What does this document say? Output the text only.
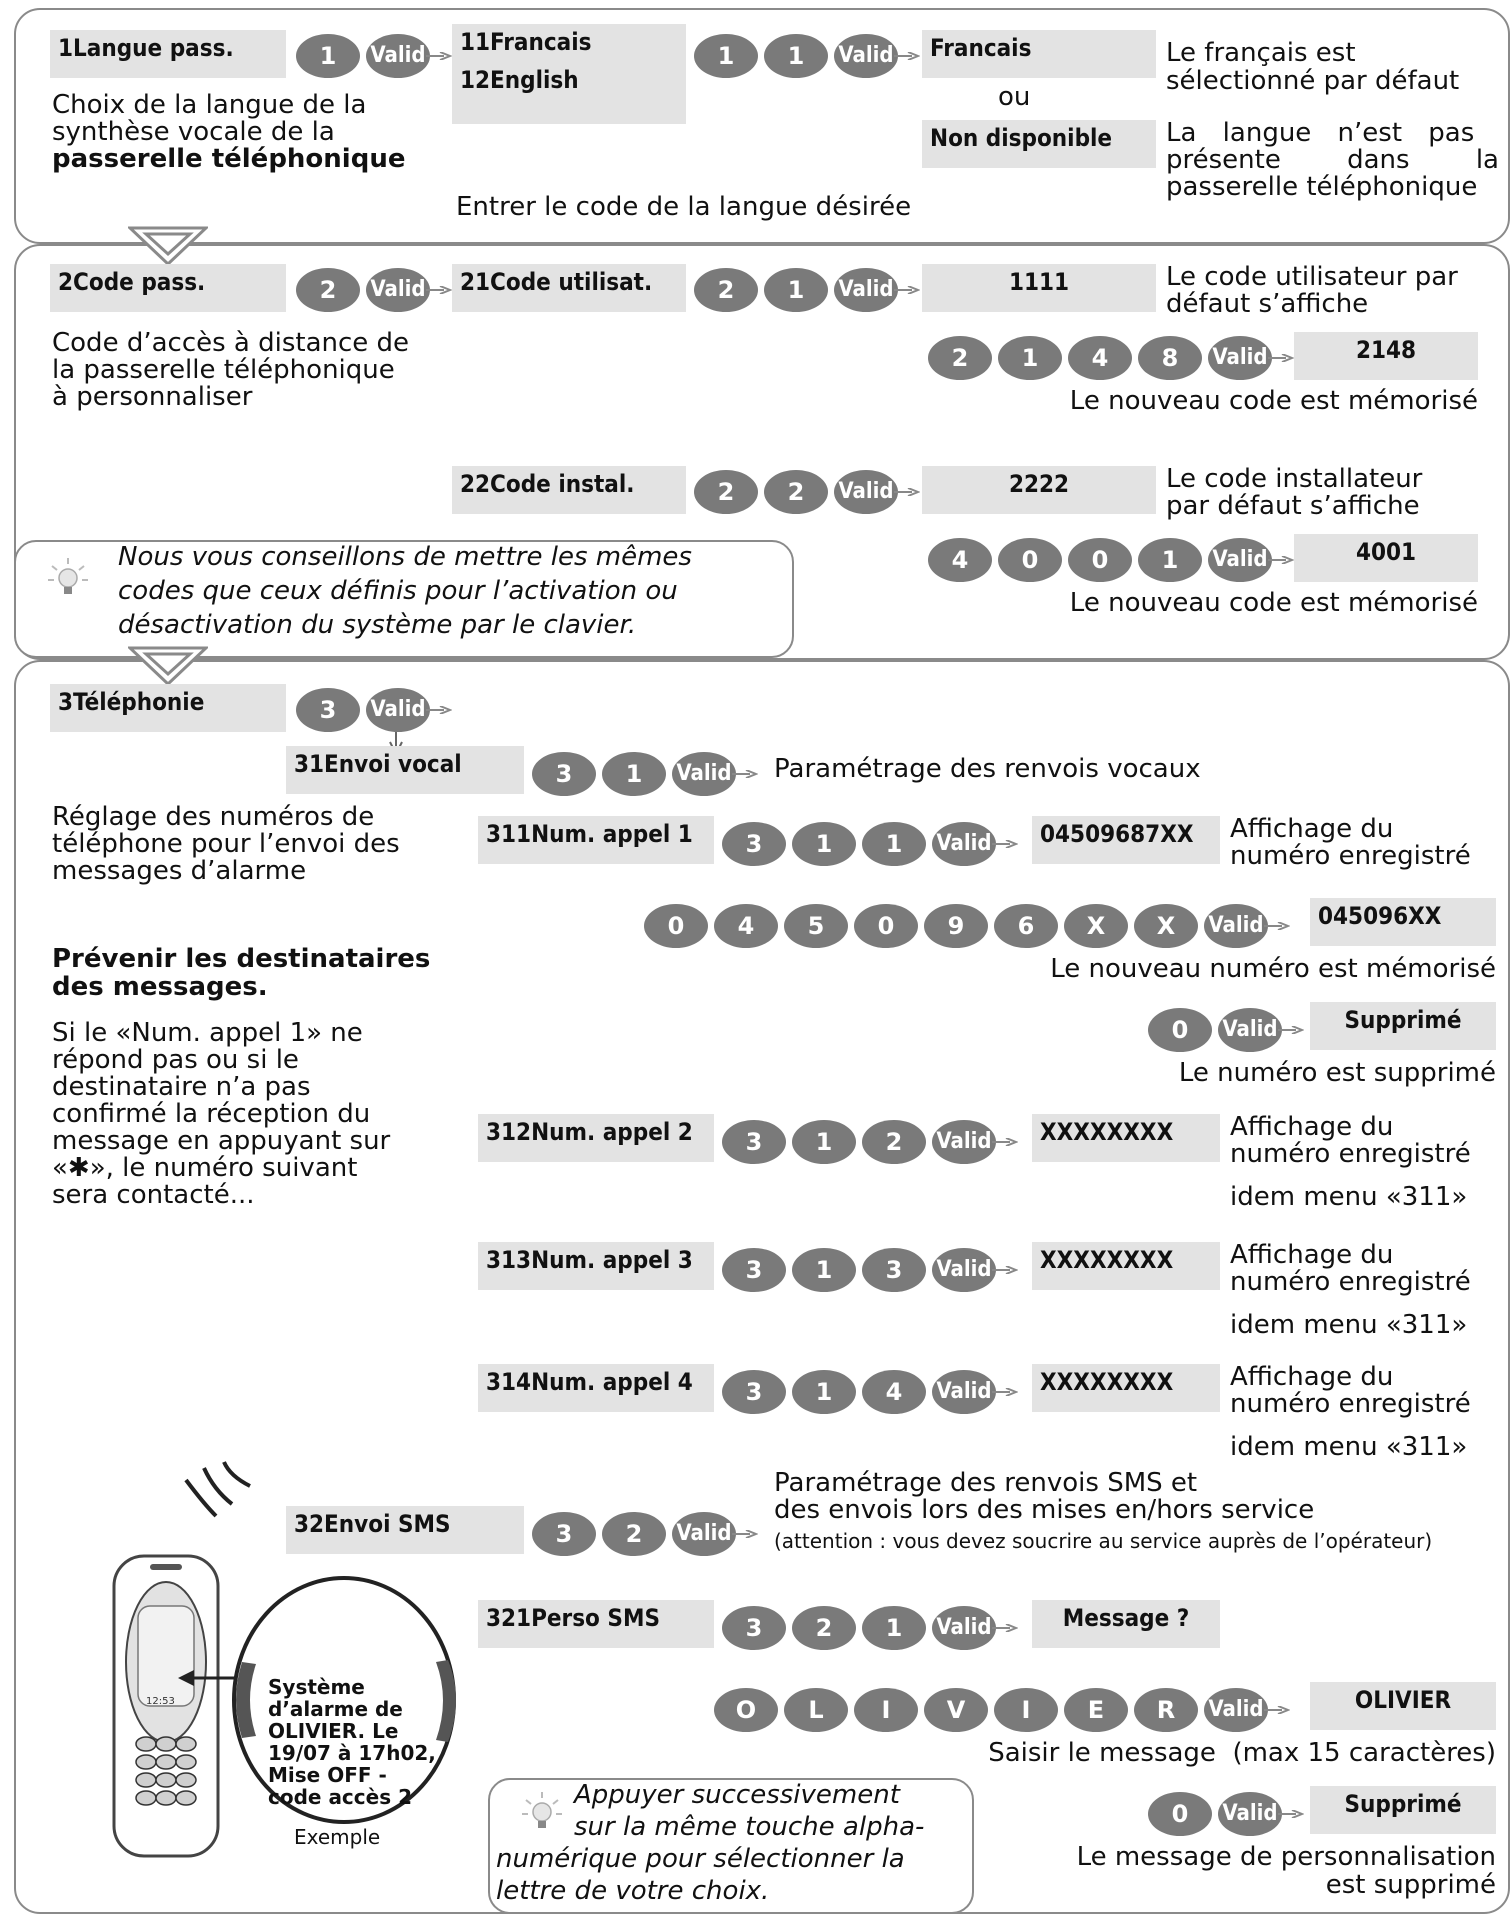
1Langue pass.	1	Valid
Choix de la langue de la
synthèse vocale de la
passerelle téléphonique
11Francais
12English
1	1	Valid	Francais
ou
Non disponible
Le français est
sélectionné par défaut
La langue n’est pas
présente dans la
passerelle téléphonique
Entrer le code de la langue désirée
2Code pass.	2	Valid
Code d’accès à distance de
la passerelle téléphonique
à personnaliser
21Code utilisat.	2	1	Valid	1111	Le code utilisateur par
défaut s’affiche
2	1	4	8	Valid	2148
Le nouveau code est mémorisé
22Code instal.	2	2	Valid	2222	Le code installateur
par défaut s’affiche
4	0	0	1	Valid	4001
Le nouveau code est mémorisé
Nous vous conseillons de mettre les mêmes
codes que ceux définis pour l’activation ou
désactivation du système par le clavier.
3Téléphonie	3	Valid
31Envoi vocal	3	1	Valid Paramétrage des renvois vocaux
Réglage des numéros de
téléphone pour l’envoi des
messages d’alarme
Prévenir les destinataires
des messages.
Si le «Num. appel 1» ne
répond pas ou si le
destinataire n’a pas
confirmé la réception du
message en appuyant sur
«✱», le numéro suivant
sera contacté...
311Num. appel 1	3	1	1	Valid	04509687XX	Affichage du
numéro enregistré
0	4	5	0	9	6	X	X	Valid	045096XX
Le nouveau numéro est mémorisé
0	Valid	Supprimé
Le numéro est supprimé
312Num. appel 2	3	1	2	Valid	XXXXXXXX	Affichage du
numéro enregistré
idem menu «311»
313Num. appel 3	3	1	3	Valid	XXXXXXXX	Affichage du
numéro enregistré
idem menu «311»
314Num. appel 4	3	1	4	Valid	XXXXXXXX	Affichage du
numéro enregistré
idem menu «311»
32Envoi SMS	3	2	Valid
Paramétrage des renvois SMS et
des envois lors des mises en/hors service
(attention : vous devez soucrire au service auprès de l’opérateur)
321Perso SMS	3	2	1	Valid	Message ?
O	L	I	V	I	E	R	Valid	OLIVIER
Saisir le message (max 15 caractères)
0	Valid	Supprimé
Le message de personnalisation
est supprimé
12:53
Système
d’alarme de
OLIVIER. Le
19/07 à 17h02,
Mise OFF -
code accès 2
Exemple
Appuyer successivement
sur la même touche alpha-
numérique pour sélectionner la
lettre de votre choix.
